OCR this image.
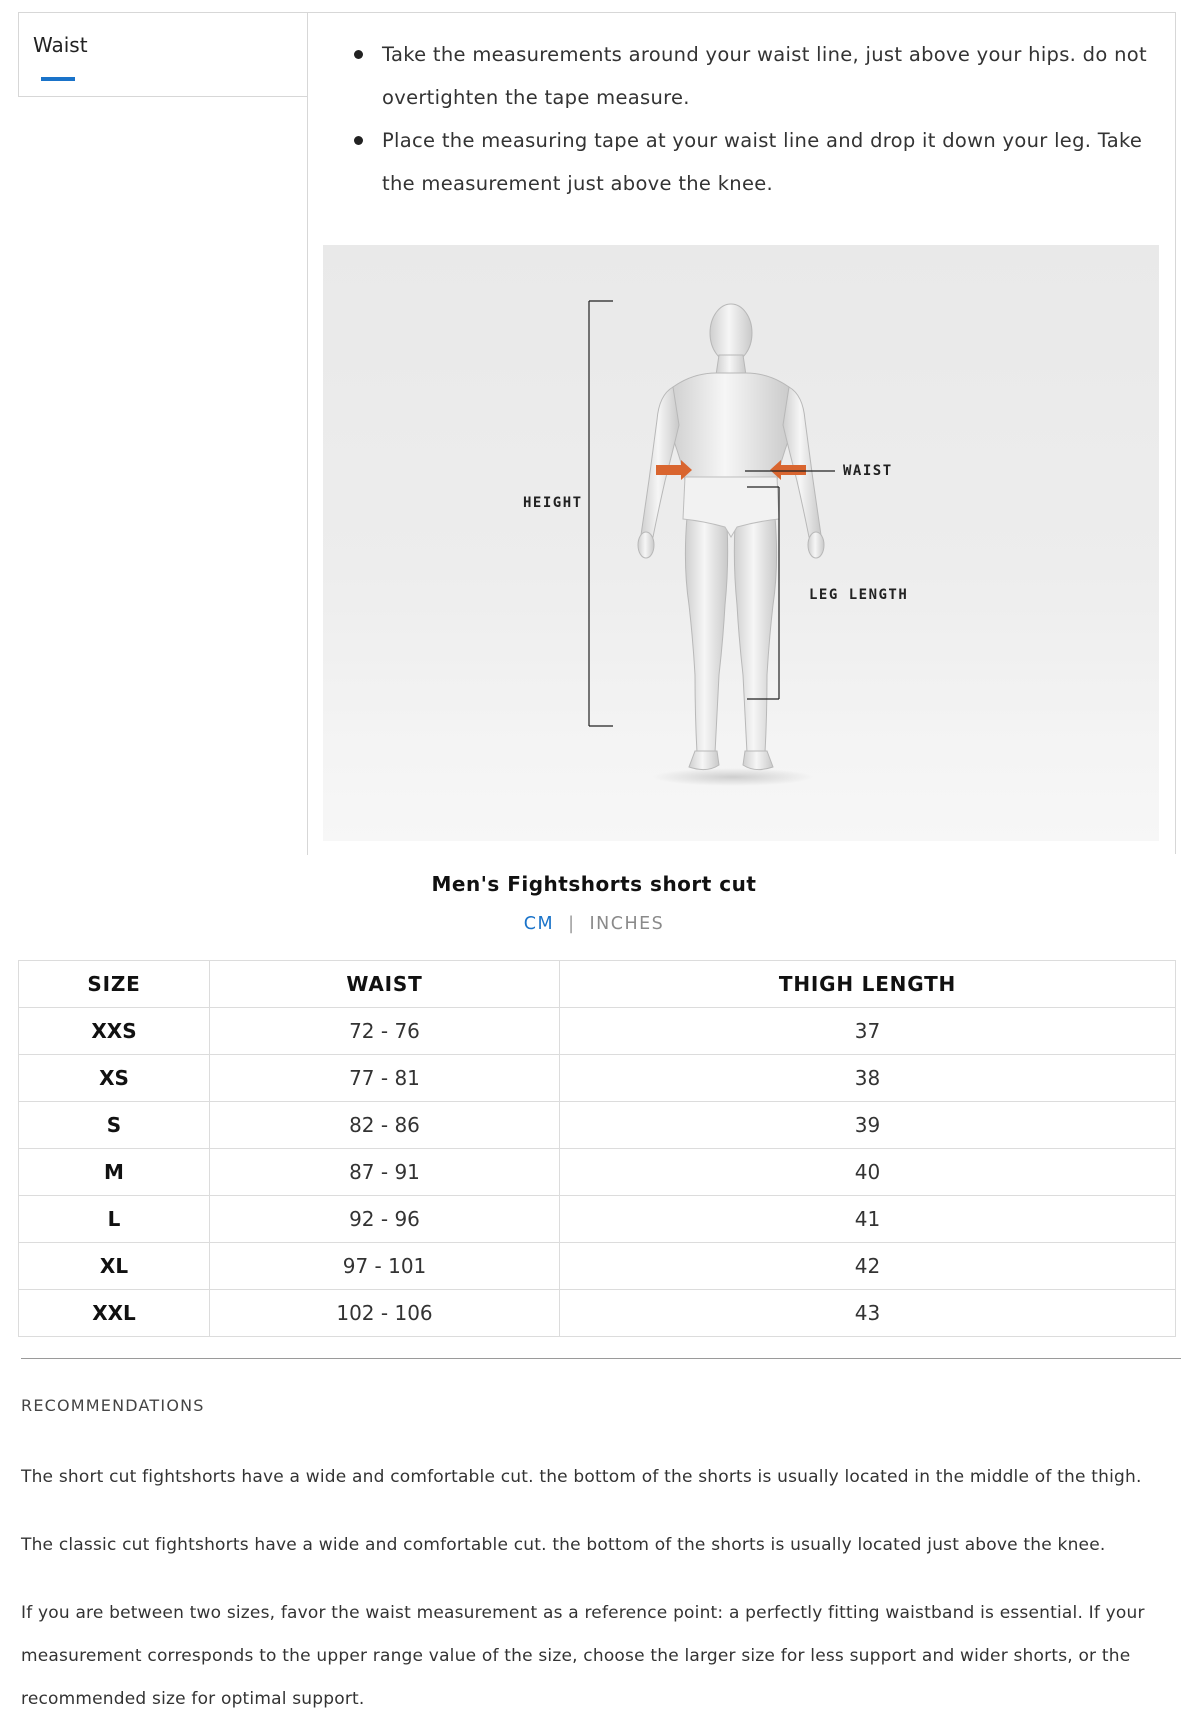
Waist	Take the measurements around your waist line, just above your hips. do not overtighten the tape measure.
Place the measuring tape at your waist line and drop it down your leg. Take the measurement just above the knee.
HEIGHT
WAIST
LEG LENGTH
Men's Fightshorts short cut
CM | INCHES
SIZE	WAIST	THIGH LENGTH
XXS	72 - 76	37
XS	77 - 81	38
S	82 - 86	39
M	87 - 91	40
L	92 - 96	41
XL	97 - 101	42
XXL	102 - 106	43
RECOMMENDATIONS

The short cut fightshorts have a wide and comfortable cut. the bottom of the shorts is usually located in the middle of the thigh.

The classic cut fightshorts have a wide and comfortable cut. the bottom of the shorts is usually located just above the knee.

If you are between two sizes, favor the waist measurement as a reference point: a perfectly fitting waistband is essential. If your measurement corresponds to the upper range value of the size, choose the larger size for less support and wider shorts, or the recommended size for optimal support.
